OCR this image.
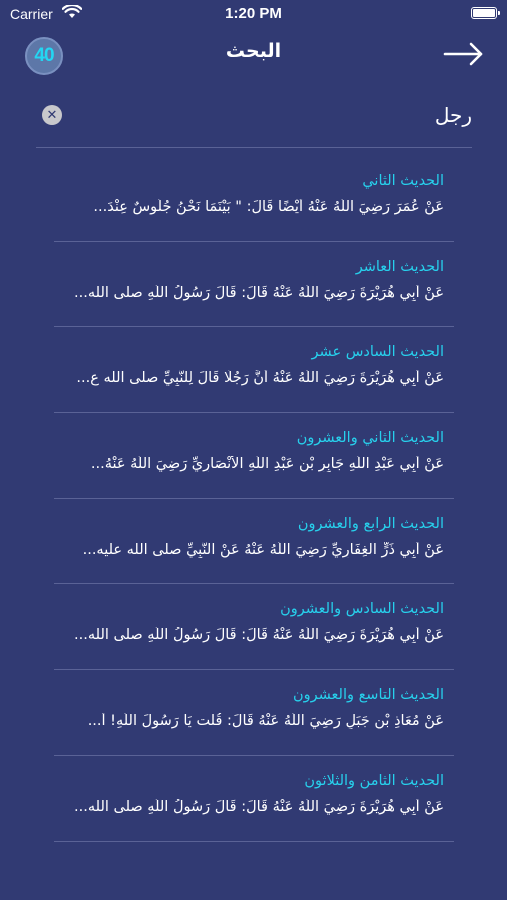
Carrier	1:20 PM
40	البحث
✕
رجل
الحديث الثاني
عَنْ عُمَرَ رَضِيَ اللَّهُ عَنْهُ أَيْضًا قَالَ: " بَيْنَمَا نَحْنُ جُلُوسٌ عِنْدَ...
الحديث العاشر
عَنْ أَبِي هُرَيْرَةَ رَضِيَ اللَّهُ عَنْهُ قَالَ: قَالَ رَسُولُ اللَّهِ صلى الله...
الحديث السادس عشر
عَنْ أَبِي هُرَيْرَةَ رَضِيَ اللَّهُ عَنْهُ أَنَّ رَجُلًا قَالَ لِلنَّبِيِّ صلى الله ع...
الحديث الثاني والعشرون
عَنْ أَبِي عَبْدِ اللَّهِ جَابِرِ بْنِ عَبْدِ اللَّهِ الْأَنْصَارِيِّ رَضِيَ اللَّهُ عَنْهُ...
الحديث الرابع والعشرون
عَنْ أَبِي ذَرٍّ الْغِفَارِيِّ رَضِيَ اللَّهُ عَنْهُ عَنْ النَّبِيِّ صلى الله عليه...
الحديث السادس والعشرون
عَنْ أَبِي هُرَيْرَةَ رَضِيَ اللَّهُ عَنْهُ قَالَ: قَالَ رَسُولُ اللَّهِ صلى الله...
الحديث التاسع والعشرون
عَنْ مُعَاذِ بْنِ جَبَلٍ رَضِيَ اللَّهُ عَنْهُ قَالَ: قُلْت يَا رَسُولَ اللَّهِ! أَ...
الحديث الثامن والثلاثون
عَنْ أَبِي هُرَيْرَةَ رَضِيَ اللَّهُ عَنْهُ قَالَ: قَالَ رَسُولُ اللَّهِ صلى الله...
